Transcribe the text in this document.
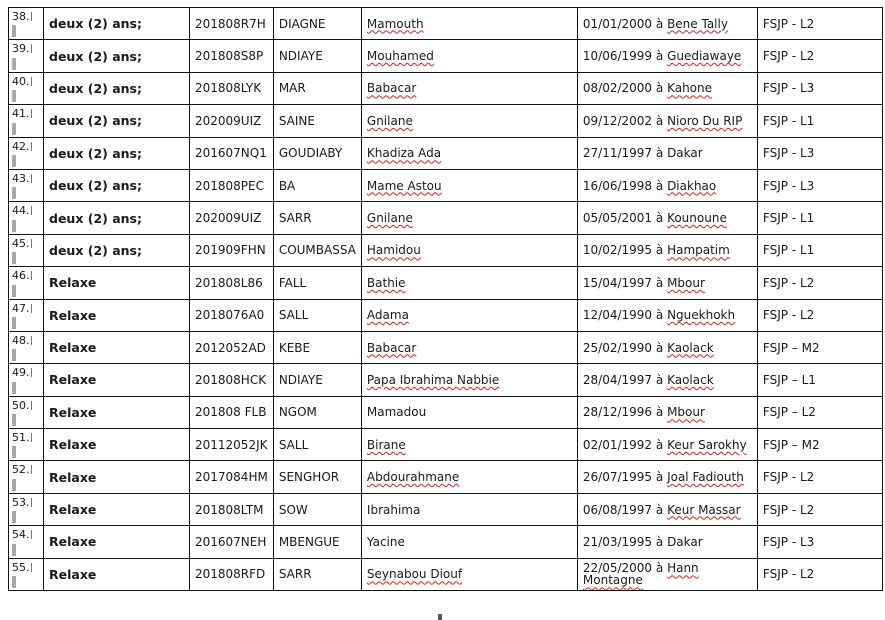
38.	deux (2) ans;	201808R7H	DIAGNE	Mamouth	01/01/2000 à Bene Tally	FSJP - L2
39.	deux (2) ans;	201808S8P	NDIAYE	Mouhamed	10/06/1999 à Guediawaye	FSJP - L2
40.	deux (2) ans;	201808LYK	MAR	Babacar	08/02/2000 à Kahone	FSJP - L3
41.	deux (2) ans;	202009UIZ	SAINE	Gnilane	09/12/2002 à Nioro Du RIP	FSJP - L1
42.	deux (2) ans;	201607NQ1	GOUDIABY	Khadiza Ada	27/11/1997 à Dakar	FSJP - L3
43.	deux (2) ans;	201808PEC	BA	Mame Astou	16/06/1998 à Diakhao	FSJP - L3
44.	deux (2) ans;	202009UIZ	SARR	Gnilane	05/05/2001 à Kounoune	FSJP - L1
45.	deux (2) ans;	201909FHN	COUMBASSA	Hamidou	10/02/1995 à Hampatim	FSJP - L1
46.	Relaxe	201808L86	FALL	Bathie	15/04/1997 à Mbour	FSJP - L2
47.	Relaxe	2018076A0	SALL	Adama	12/04/1990 à Nguekhokh	FSJP - L2
48.	Relaxe	2012052AD	KEBE	Babacar	25/02/1990 à Kaolack	FSJP – M2
49.	Relaxe	201808HCK	NDIAYE	Papa Ibrahima Nabbie	28/04/1997 à Kaolack	FSJP – L1
50.	Relaxe	201808 FLB	NGOM	Mamadou	28/12/1996 à Mbour	FSJP – L2
51.	Relaxe	20112052JK	SALL	Birane	02/01/1992 à Keur Sarokhy	FSJP – M2
52.	Relaxe	2017084HM	SENGHOR	Abdourahmane	26/07/1995 à Joal Fadiouth	FSJP - L2
53.	Relaxe	201808LTM	SOW	Ibrahima	06/08/1997 à Keur Massar	FSJP - L2
54.	Relaxe	201607NEH	MBENGUE	Yacine	21/03/1995 à Dakar	FSJP - L3
55.	Relaxe	201808RFD	SARR	Seynabou Diouf	22/05/2000 à Hann Montagne	FSJP - L2
